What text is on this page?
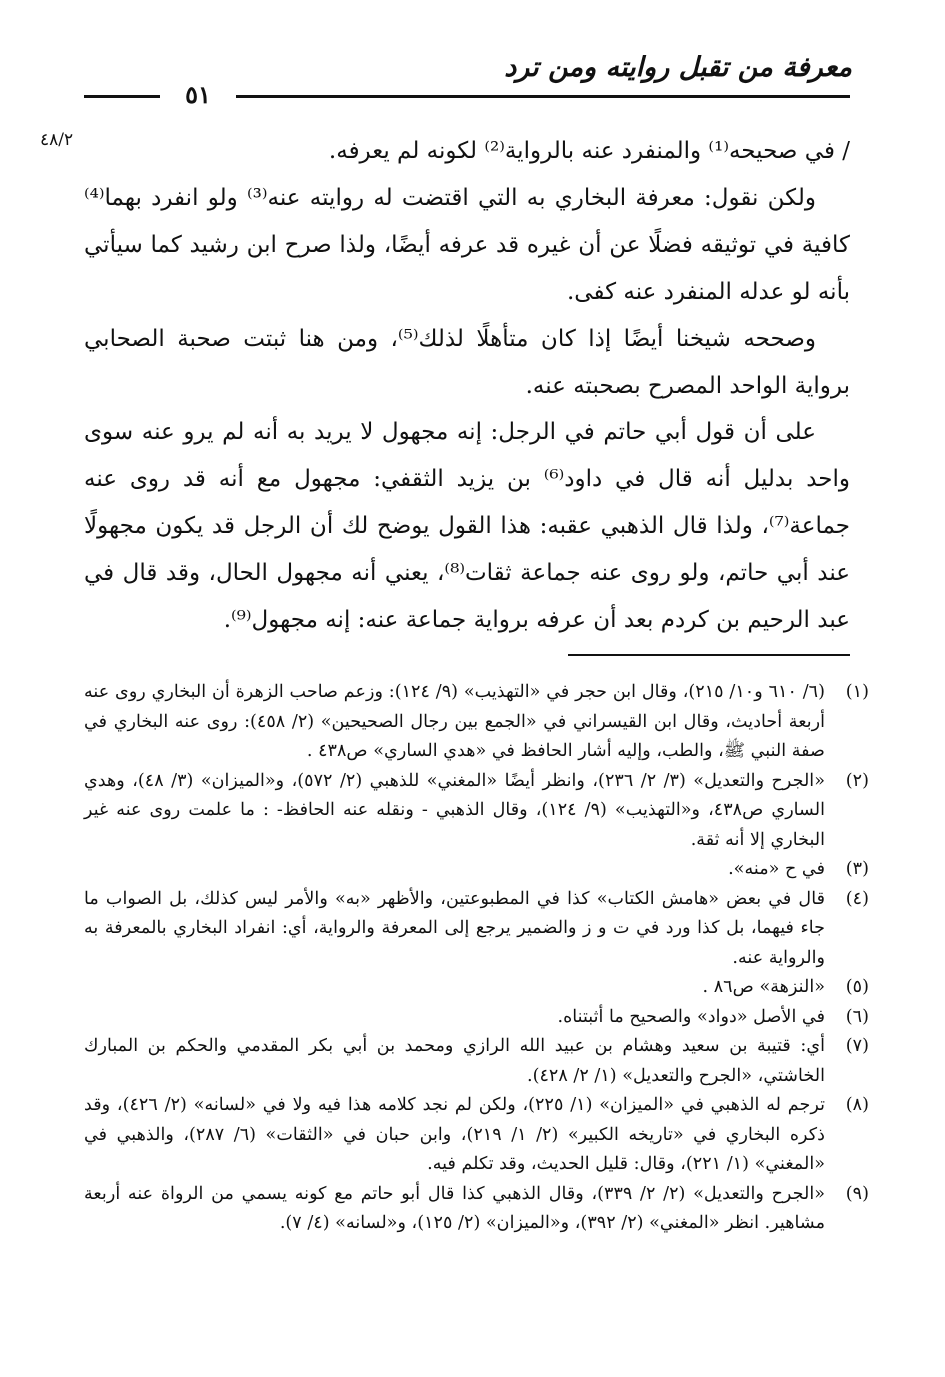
معرفة من تقبل روايته ومن ترد
٥١
٤٨/٢	/ في صحيحه⁽¹⁾ والمنفرد عنه بالرواية⁽²⁾ لكونه لم يعرفه.

ولكن نقول: معرفة البخاري به التي اقتضت له روايته عنه⁽³⁾ ولو انفرد بهما⁽⁴⁾ كافية في توثيقه فضلًا عن أن غيره قد عرفه أيضًا، ولذا صرح ابن رشيد كما سيأتي بأنه لو عدله المنفرد عنه كفى.

وصححه شيخنا أيضًا إذا كان متأهلًا لذلك⁽⁵⁾، ومن هنا ثبتت صحبة الصحابي برواية الواحد المصرح بصحبته عنه.

على أن قول أبي حاتم في الرجل: إنه مجهول لا يريد به أنه لم يرو عنه سوى واحد بدليل أنه قال في داود⁽⁶⁾ بن يزيد الثقفي: مجهول مع أنه قد روى عنه جماعة⁽⁷⁾، ولذا قال الذهبي عقبه: هذا القول يوضح لك أن الرجل قد يكون مجهولًا عند أبي حاتم، ولو روى عنه جماعة ثقات⁽⁸⁾، يعني أنه مجهول الحال، وقد قال في عبد الرحيم بن كردم بعد أن عرفه برواية جماعة عنه: إنه مجهول⁽⁹⁾.

(١)
(٦/ ٦١٠ و١٠/ ٢١٥)، وقال ابن حجر في «التهذيب» (٩/ ١٢٤): وزعم صاحب الزهرة أن البخاري روى عنه أربعة أحاديث، وقال ابن القيسراني في «الجمع بين رجال الصحيحين» (٢/ ٤٥٨): روى عنه البخاري في صفة النبي ﷺ، والطب، وإليه أشار الحافظ في «هدي الساري» ص٤٣٨ .
(٢)
«الجرح والتعديل» (٣/ ٢/ ٢٣٦)، وانظر أيضًا «المغني» للذهبي (٢/ ٥٧٢)، و«الميزان» (٣/ ٤٨)، وهدي الساري ص٤٣٨، و«التهذيب» (٩/ ١٢٤)، وقال الذهبي - ونقله عنه الحافظ- : ما علمت روى عنه غير البخاري إلا أنه ثقة.
(٣)
في ح «منه».
(٤)
قال في بعض «هامش الكتاب» كذا في المطبوعتين، والأظهر «به» والأمر ليس كذلك، بل الصواب ما جاء فيهما، بل كذا ورد في ت و ز والضمير يرجع إلى المعرفة والرواية، أي: انفراد البخاري بالمعرفة به والرواية عنه.
(٥)
«النزهة» ص٨٦ .
(٦)
في الأصل «دواد» والصحيح ما أثبتناه.
(٧)
أي: قتيبة بن سعيد وهشام بن عبيد الله الرازي ومحمد بن أبي بكر المقدمي والحكم بن المبارك الخاشتي، «الجرح والتعديل» (١/ ٢/ ٤٢٨).
(٨)
ترجم له الذهبي في «الميزان» (١/ ٢٢٥)، ولكن لم نجد كلامه هذا فيه ولا في «لسانه» (٢/ ٤٢٦)، وقد ذكره البخاري في «تاريخه الكبير» (٢/ ١/ ٢١٩)، وابن حبان في «الثقات» (٦/ ٢٨٧)، والذهبي في «المغني» (١/ ٢٢١)، وقال: قليل الحديث، وقد تكلم فيه.
(٩)
«الجرح والتعديل» (٢/ ٢/ ٣٣٩)، وقال الذهبي كذا قال أبو حاتم مع كونه يسمي من الرواة عنه أربعة مشاهير. انظر «المغني» (٢/ ٣٩٢)، و«الميزان» (٢/ ١٢٥)، و«لسانه» (٤/ ٧).
